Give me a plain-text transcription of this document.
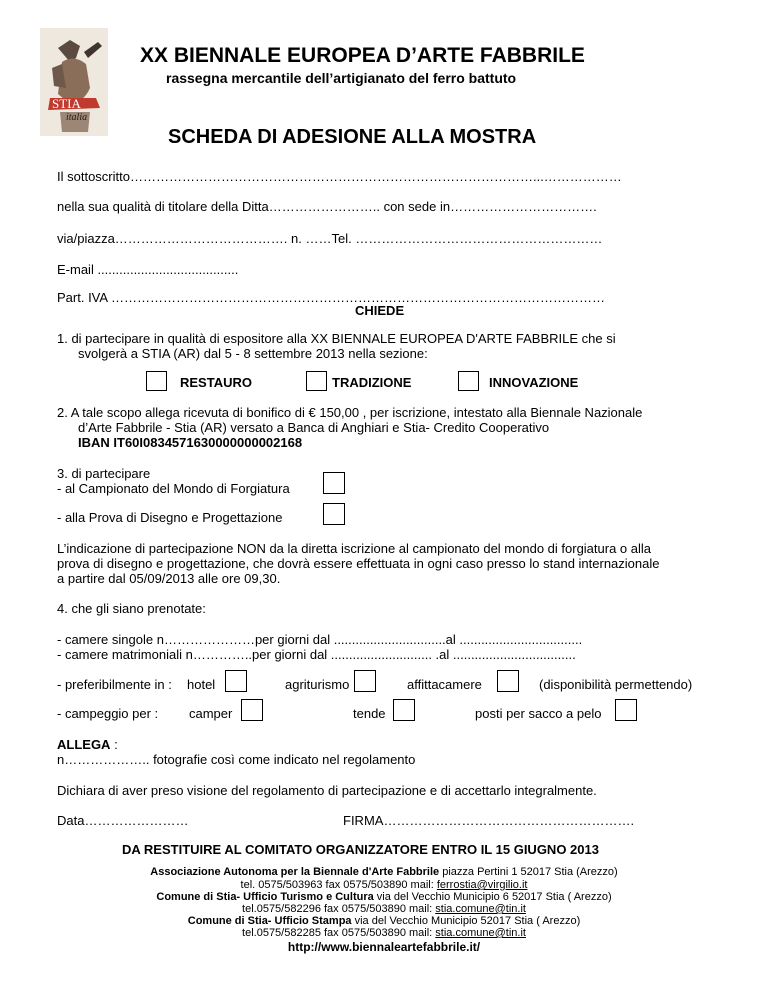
STIA
italia
XX BIENNALE EUROPEA D’ARTE FABBRILE
rassegna mercantile dell’artigianato del ferro battuto
SCHEDA DI ADESIONE ALLA MOSTRA
Il sottoscritto…………………………………………………………………………………...………………
nella sua qualità di titolare della Ditta…………………….. con sede in…………………………….
via/piazza…………………………………. n. ……Tel. …………………………………………………
E-mail .......................................
Part. IVA ……………………………………………………………………………………………………
CHIEDE
1. di partecipare in qualità di espositore alla XX BIENNALE EUROPEA D'ARTE FABBRILE che si
svolgerà a STIA (AR) dal 5 - 8 settembre 2013 nella sezione:
RESTAURO	TRADIZIONE	INNOVAZIONE
2. A tale scopo allega ricevuta di bonifico di € 150,00 , per iscrizione, intestato alla Biennale Nazionale
d’Arte Fabbrile - Stia (AR) versato a Banca di Anghiari e Stia- Credito Cooperativo
IBAN IT60I0834571630000000002168
3. di partecipare
- al Campionato del Mondo di Forgiatura
- alla Prova di Disegno e Progettazione
L’indicazione di partecipazione NON da la diretta iscrizione al campionato del mondo di forgiatura o alla
prova di disegno e progettazione, che dovrà essere effettuata in ogni caso presso lo stand internazionale
a partire dal 05/09/2013 alle ore 09,30.
4. che gli siano prenotate:
- camere singole n…………………per giorni dal ...............................al ..................................
- camere matrimoniali n…………..per giorni dal ............................ .al ..................................
- preferibilmente in : hotel	agriturismo	affittacamere	(disponibilità permettendo)
- campeggio per : camper	tende	posti per sacco a pelo
ALLEGA :
n……………….. fotografie così come indicato nel regolamento
Dichiara di aver preso visione del regolamento di partecipazione e di accettarlo integralmente.
Data……………………	FIRMA………………………………………………….
DA RESTITUIRE AL COMITATO ORGANIZZATORE ENTRO IL 15 GIUGNO 2013
Associazione Autonoma per la Biennale d'Arte Fabbrile piazza Pertini 1 52017 Stia (Arezzo)
tel. 0575/503963 fax 0575/503890 mail: ferrostia@virgilio.it
Comune di Stia- Ufficio Turismo e Cultura via del Vecchio Municipio 6 52017 Stia ( Arezzo)
tel.0575/582296 fax 0575/503890 mail: stia.comune@tin.it
Comune di Stia- Ufficio Stampa via del Vecchio Municipio 52017 Stia ( Arezzo)
tel.0575/582285 fax 0575/503890 mail: stia.comune@tin.it
http://www.biennaleartefabbrile.it/
